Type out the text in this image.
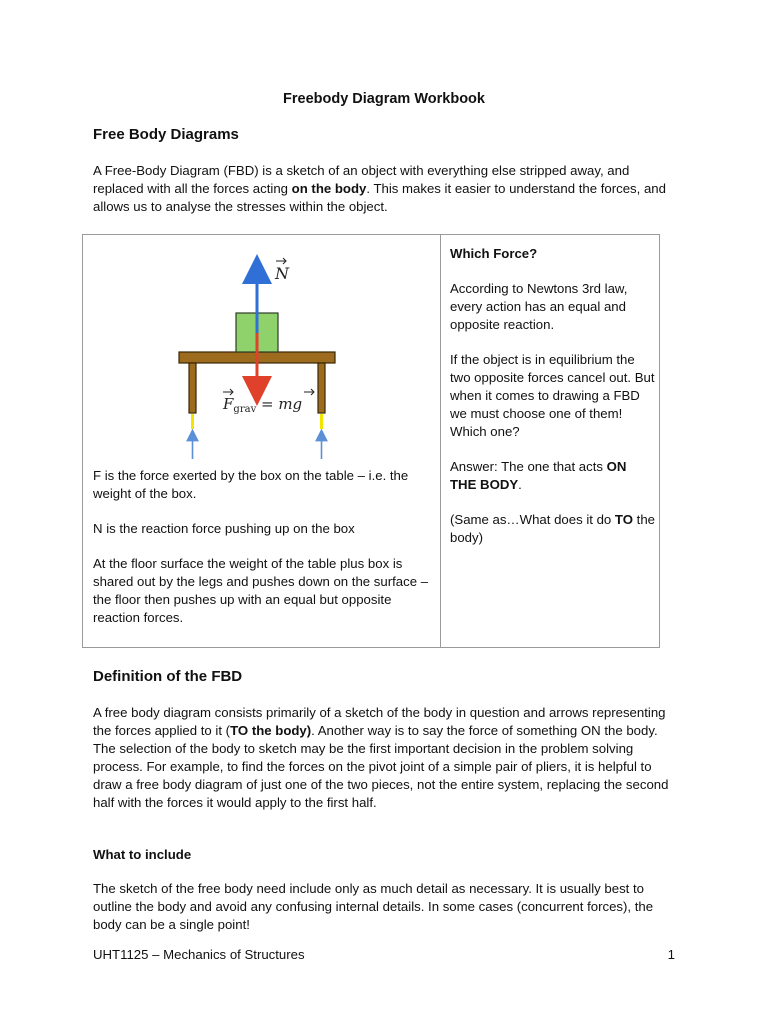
Freebody Diagram Workbook
Free Body Diagrams

A Free-Body Diagram (FBD) is a sketch of an object with everything else stripped away, and replaced with all the forces acting on the body. This makes it easier to understand the forces, and allows us to analyse the stresses within the object.

N
$F_{grav}$ = mg

F is the force exerted by the box on the table – i.e. the weight of the box.

N is the reaction force pushing up on the box

At the floor surface the weight of the table plus box is shared out by the legs and pushes down on the surface – the floor then pushes up with an equal but opposite reaction forces.

Which Force?

According to Newtons 3rd law, every action has an equal and opposite reaction.

If the object is in equilibrium the two opposite forces cancel out. But when it comes to drawing a FBD we must choose one of them! Which one?

Answer: The one that acts ON THE BODY.

(Same as…What does it do TO the body)

Definition of the FBD

A free body diagram consists primarily of a sketch of the body in question and arrows representing the forces applied to it (TO the body). Another way is to say the force of something ON the body. The selection of the body to sketch may be the first important decision in the problem solving process. For example, to find the forces on the pivot joint of a simple pair of pliers, it is helpful to draw a free body diagram of just one of the two pieces, not the entire system, replacing the second half with the forces it would apply to the first half.

What to include

The sketch of the free body need include only as much detail as necessary. It is usually best to outline the body and avoid any confusing internal details. In some cases (concurrent forces), the body can be a single point!

UHT1125 – Mechanics of Structures	1
